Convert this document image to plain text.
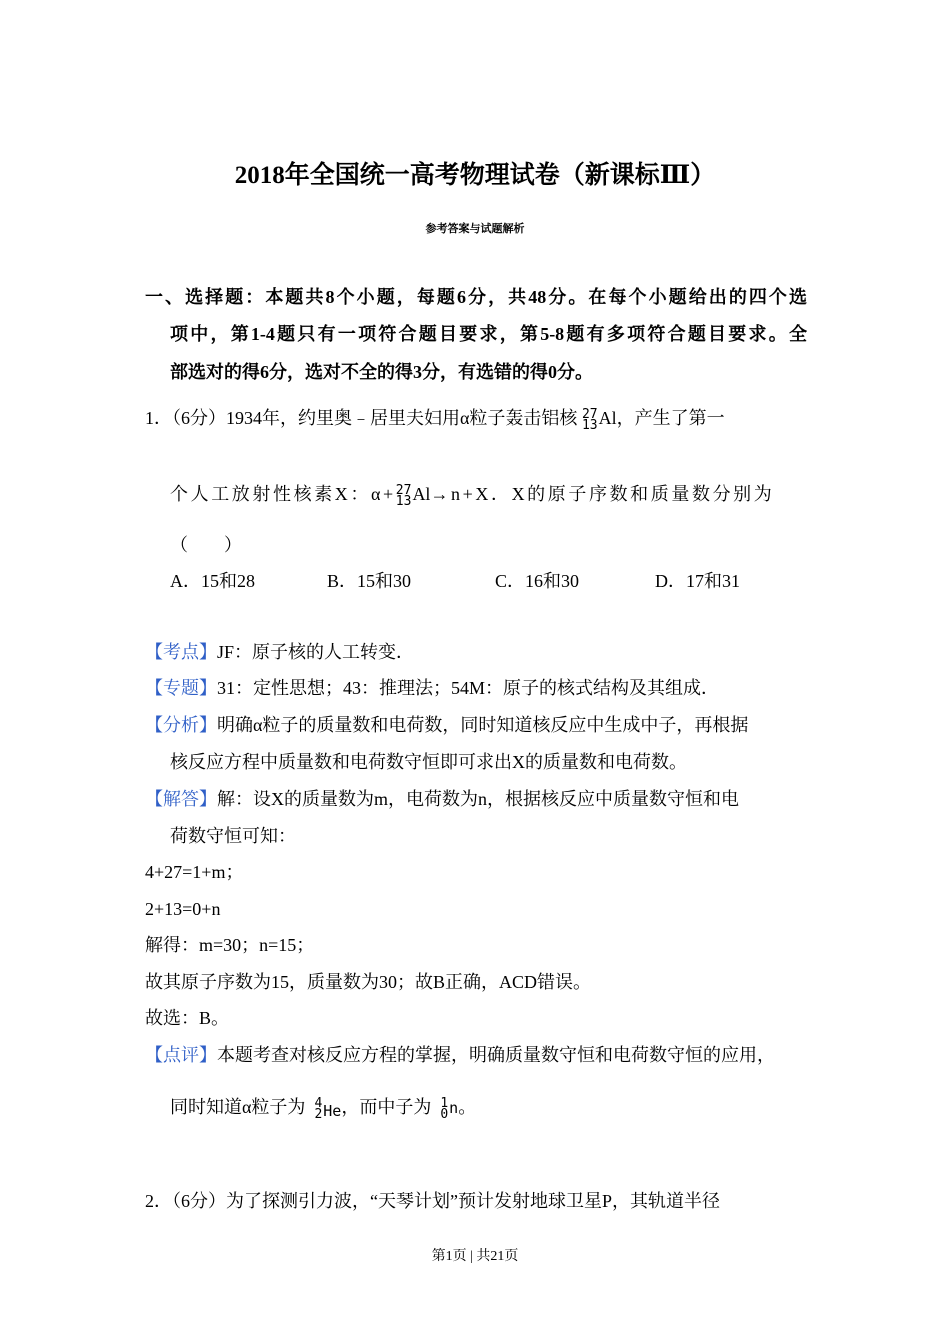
2018年全国统一高考物理试卷（新课标Ⅲ）
参考答案与试题解析
一、选择题：本题共8个小题，每题6分，共48分。在每个小题给出的四个选
项中，第1-4题只有一项符合题目要求，第5-8题有多项符合题目要求。全
部选对的得6分，选对不全的得3分，有选错的得0分。
1．（6分）1934年，约里奥﹣居里夫妇用α粒子轰击铝核 27
13 Al，产生了第一
个人工放射性核素X：α+ 27
13 Al→n+X．X的原子序数和质量数分别为
（　　）
A．15和28	B．15和30	C．16和30	D．17和31
【考点】JF：原子核的人工转变．
【专题】31：定性思想；43：推理法；54M：原子的核式结构及其组成．
【分析】明确α粒子的质量数和电荷数，同时知道核反应中生成中子，再根据
核反应方程中质量数和电荷数守恒即可求出X的质量数和电荷数。
【解答】解：设X的质量数为m，电荷数为n，根据核反应中质量数守恒和电
荷数守恒可知：
4+27=1+m；
2+13=0+n
解得：m=30；n=15；
故其原子序数为15，质量数为30；故B正确，ACD错误。
故选：B。
【点评】本题考查对核反应方程的掌握，明确质量数守恒和电荷数守恒的应用，
同时知道α粒子为 4
2 He，而中子为 1
0 n。
2．（6分）为了探测引力波，“天琴计划”预计发射地球卫星P，其轨道半径
第1页 | 共21页
